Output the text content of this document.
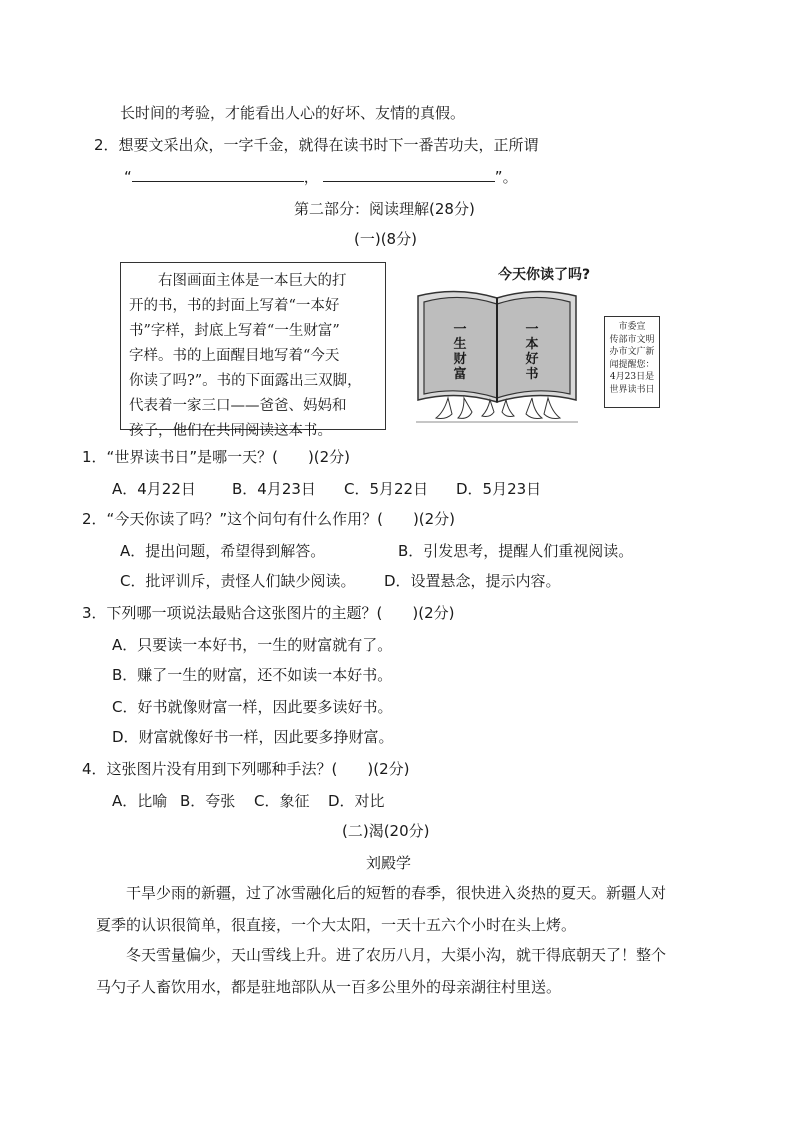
长时间的考验，才能看出人心的好坏、友情的真假。
2．想要文采出众，一字千金，就得在读书时下一番苦功夫，正所谓
“	，	”。
第二部分：阅读理解(28分)
(一)(8分)

　　右图画面主体是一本巨大的打

开的书，书的封面上写着“一本好

书”字样，封底上写着“一生财富”

字样。书的上面醒目地写着“今天

你读了吗?”。书的下面露出三双脚，

代表着一家三口——爸爸、妈妈和

孩子，他们在共同阅读这本书。

今天你读了吗?
一
生
财
富
一
本
好
书
市委宣
传部市文明
办市文广新
闻提醒您：
4月23日是
世界读书日
1．“世界读书日”是哪一天？(　　)(2分)
A．4月22日 B．4月23日 C．5月22日 D．5月23日
2．“今天你读了吗？”这个问句有什么作用？(　　)(2分)
A．提出问题，希望得到解答。	B．引发思考，提醒人们重视阅读。
C．批评训斥，责怪人们缺少阅读。 D．设置悬念，提示内容。
3．下列哪一项说法最贴合这张图片的主题？(　　)(2分)
A．只要读一本好书，一生的财富就有了。
B．赚了一生的财富，还不如读一本好书。
C．好书就像财富一样，因此要多读好书。
D．财富就像好书一样，因此要多挣财富。
4．这张图片没有用到下列哪种手法？(　　)(2分)
A．比喻 B．夸张 C．象征 D．对比
(二)渴(20分)
刘殿学
　　干旱少雨的新疆，过了冰雪融化后的短暂的春季，很快进入炎热的夏天。新疆人对
夏季的认识很简单，很直接，一个大太阳，一天十五六个小时在头上烤。
　　冬天雪量偏少，天山雪线上升。进了农历八月，大渠小沟，就干得底朝天了！整个
马勺子人畜饮用水，都是驻地部队从一百多公里外的母亲湖往村里送。
